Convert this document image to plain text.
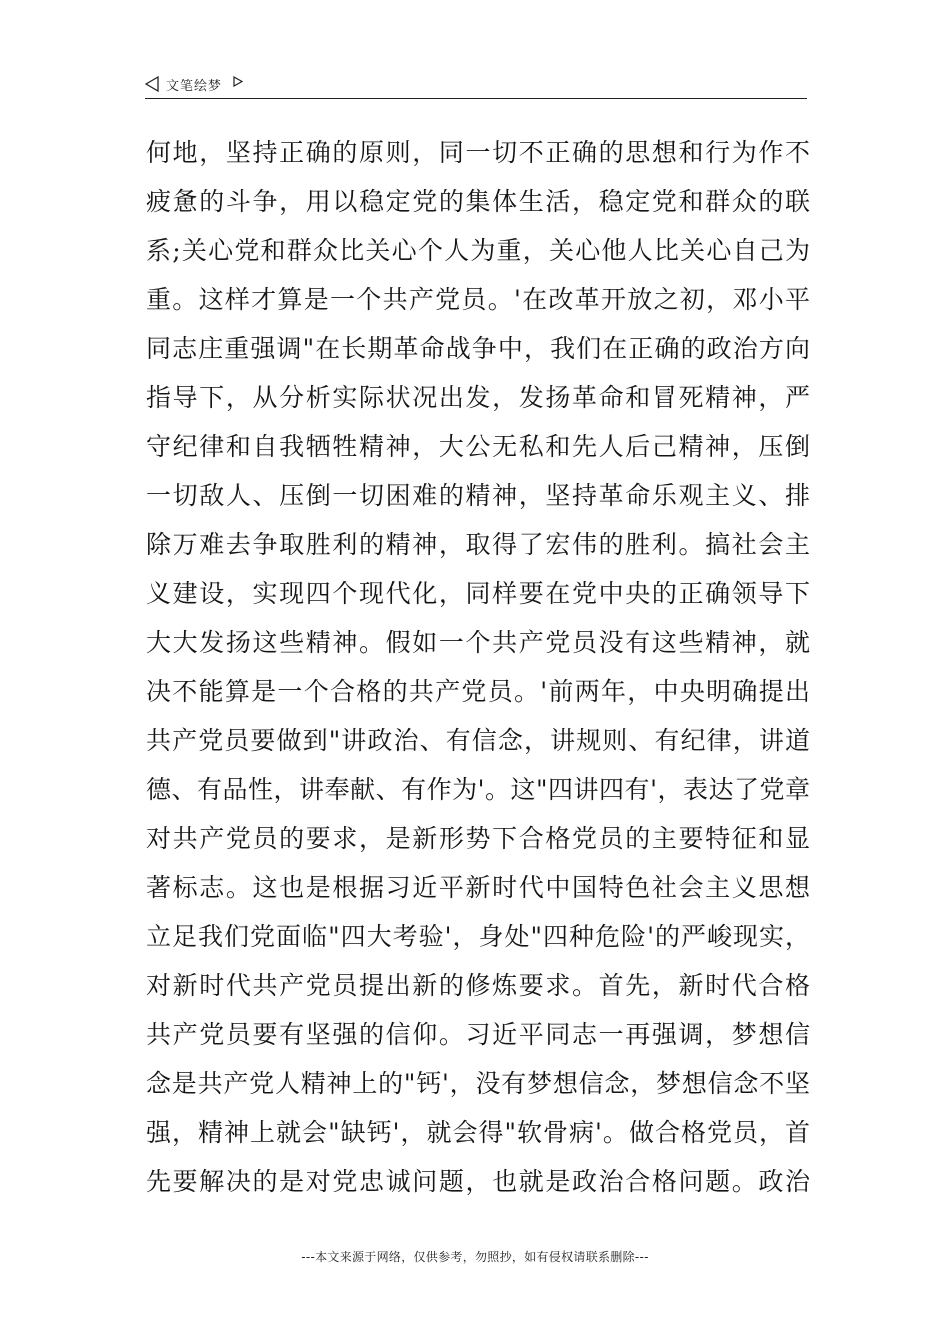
文笔绘梦
何地，坚持正确的原则，同一切不正确的思想和行为作不
疲惫的斗争，用以稳定党的集体生活，稳定党和群众的联
系;关心党和群众比关心个人为重，关心他人比关心自己为
重。这样才算是一个共产党员。'在改革开放之初，邓小平
同志庄重强调"在长期革命战争中，我们在正确的政治方向
指导下，从分析实际状况出发，发扬革命和冒死精神，严
守纪律和自我牺牲精神，大公无私和先人后己精神，压倒
一切敌人、压倒一切困难的精神，坚持革命乐观主义、排
除万难去争取胜利的精神，取得了宏伟的胜利。搞社会主
义建设，实现四个现代化，同样要在党中央的正确领导下
大大发扬这些精神。假如一个共产党员没有这些精神，就
决不能算是一个合格的共产党员。'前两年，中央明确提出
共产党员要做到"讲政治、有信念，讲规则、有纪律，讲道
德、有品性，讲奉献、有作为'。这"四讲四有'，表达了党章
对共产党员的要求，是新形势下合格党员的主要特征和显
著标志。这也是根据习近平新时代中国特色社会主义思想
立足我们党面临"四大考验'，身处"四种危险'的严峻现实，
对新时代共产党员提出新的修炼要求。首先，新时代合格
共产党员要有坚强的信仰。习近平同志一再强调，梦想信
念是共产党人精神上的"钙'，没有梦想信念，梦想信念不坚
强，精神上就会"缺钙'，就会得"软骨病'。做合格党员，首
先要解决的是对党忠诚问题，也就是政治合格问题。政治
---本文来源于网络，仅供参考，勿照抄，如有侵权请联系删除---
